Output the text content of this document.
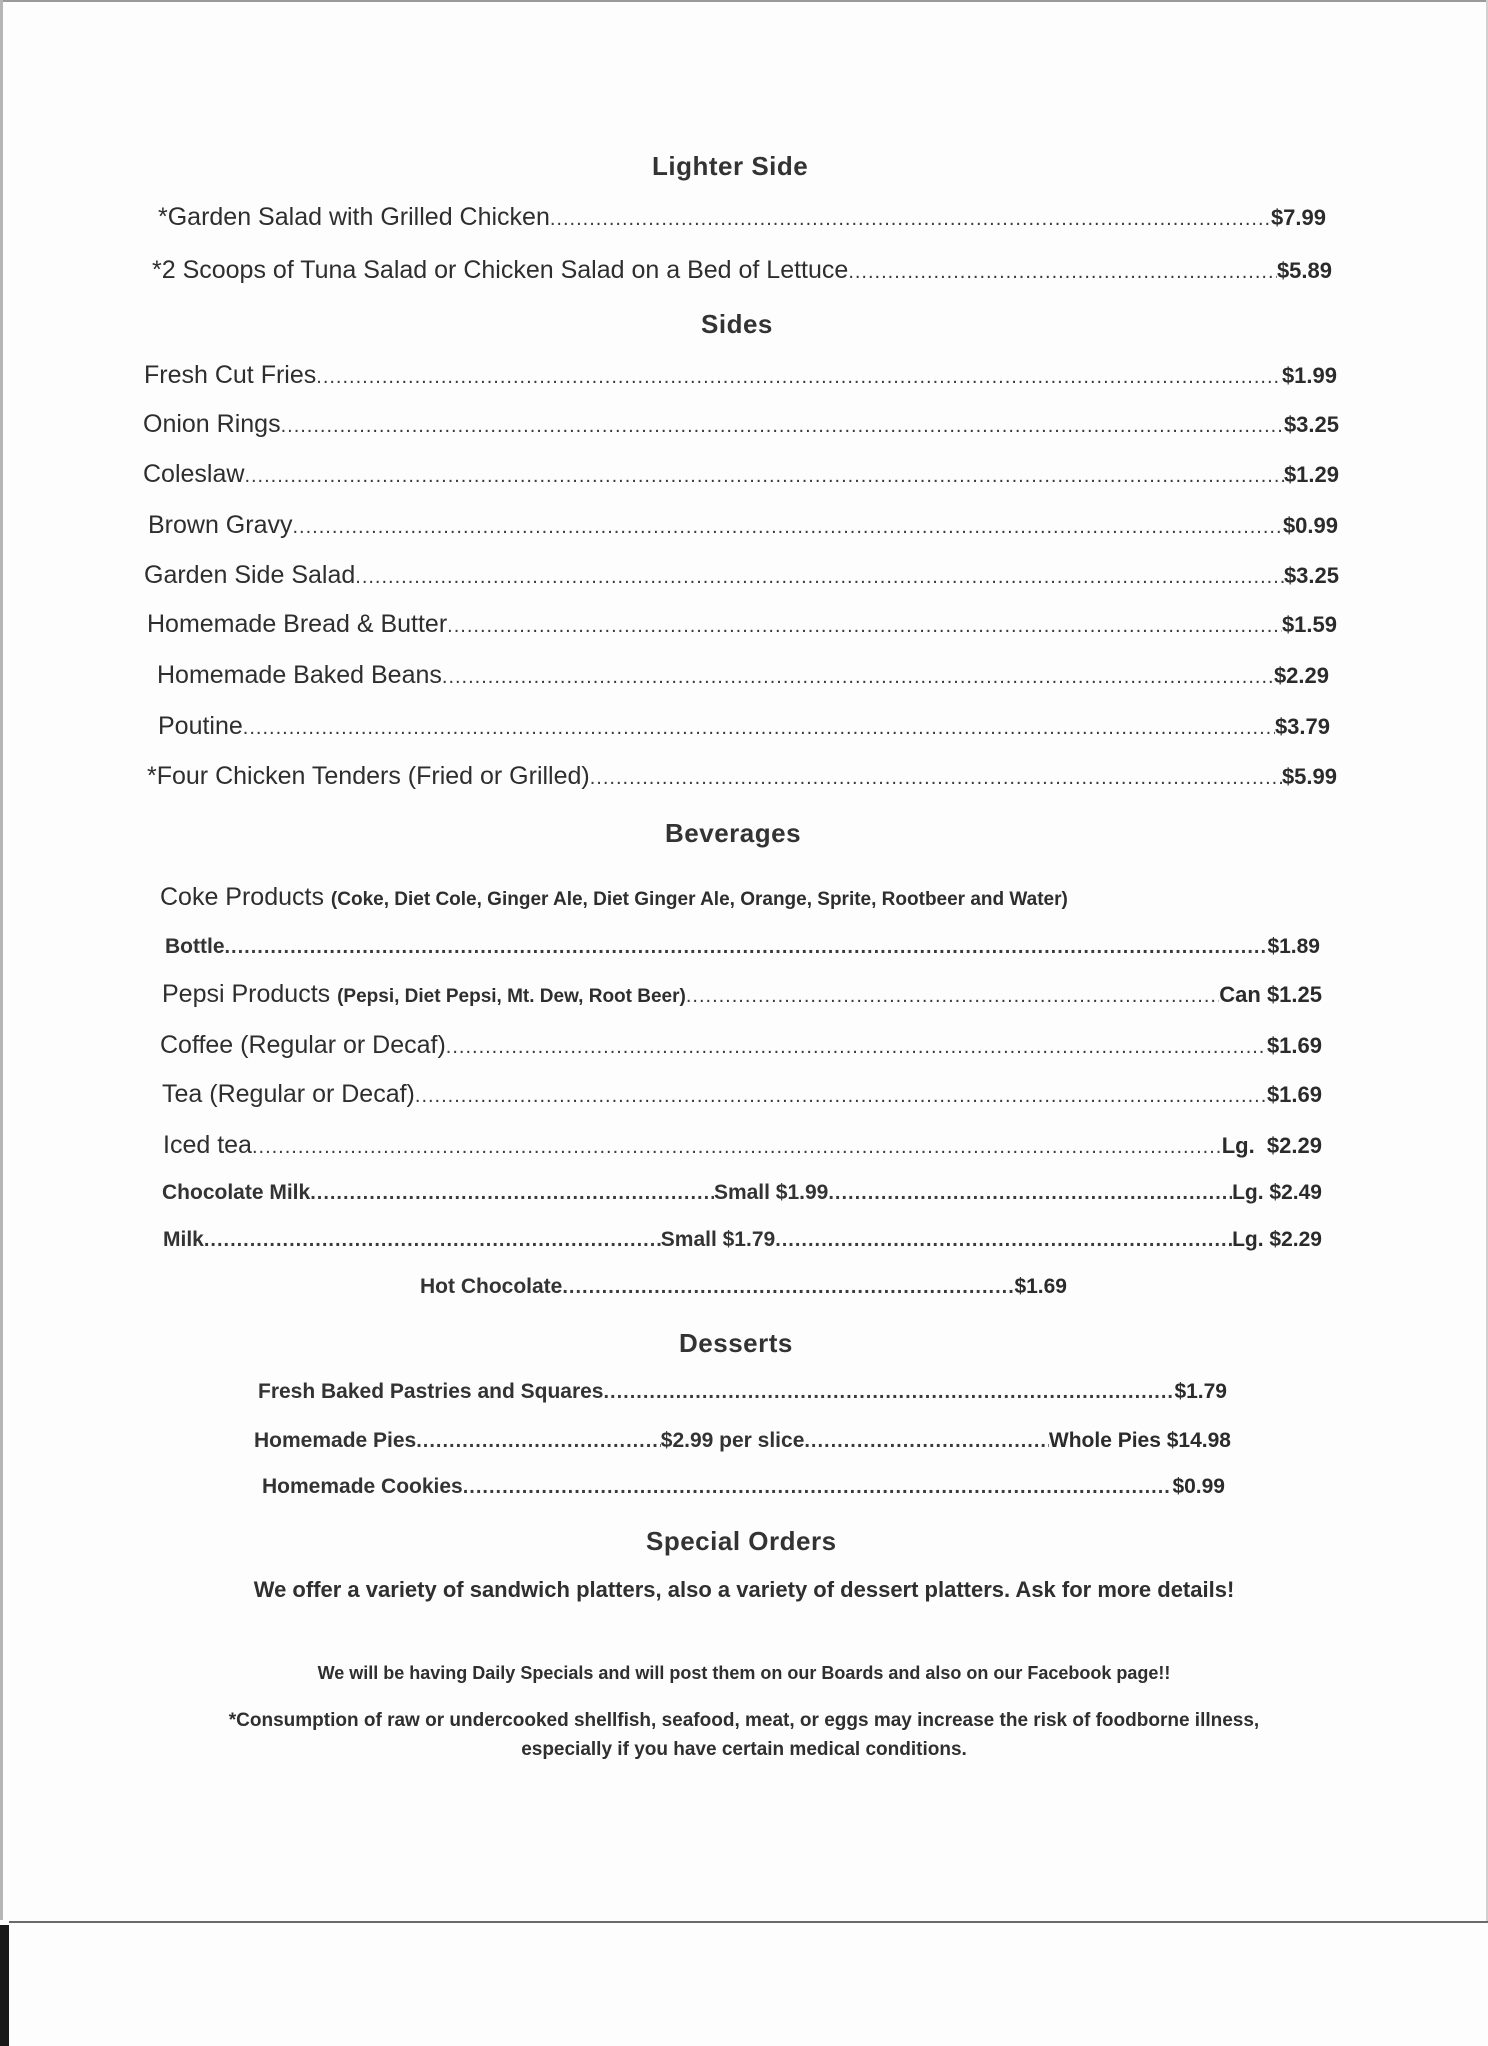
Lighter Side
*Garden Salad with Grilled Chicken .....	$7.99
*2 Scoops of Tuna Salad or Chicken Salad on a Bed of Lettuce .....	$5.89
Sides
Fresh Cut Fries .....	$1.99
Onion Rings .....	$3.25
Coleslaw .....	$1.29
Brown Gravy .....	$0.99
Garden Side Salad .....	$3.25
Homemade Bread & Butter .....	$1.59
Homemade Baked Beans .....	$2.29
Poutine .....	$3.79
*Four Chicken Tenders (Fried or Grilled) .....	$5.99
Beverages
Coke Products (Coke, Diet Cole, Ginger Ale, Diet Ginger Ale, Orange, Sprite, Rootbeer and Water)
Bottle .....	$1.89
Pepsi Products (Pepsi, Diet Pepsi, Mt. Dew, Root Beer) .....	Can $1.25
Coffee (Regular or Decaf) .....	$1.69
Tea (Regular or Decaf) .....	$1.69
Iced tea .....	Lg.  $2.29
Chocolate Milk .....	Small $1.99 .....	Lg. $2.49
Milk .....	Small $1.79 .....	Lg. $2.29
Hot Chocolate .....	$1.69
Desserts
Fresh Baked Pastries and Squares .....	$1.79
Homemade Pies .....	$2.99 per slice .....	Whole Pies $14.98
Homemade Cookies .....	$0.99
Special Orders
We offer a variety of sandwich platters, also a variety of dessert platters. Ask for more details!
We will be having Daily Specials and will post them on our Boards and also on our Facebook page!!
*Consumption of raw or undercooked shellfish, seafood, meat, or eggs may increase the risk of foodborne illness,
especially if you have certain medical conditions.
